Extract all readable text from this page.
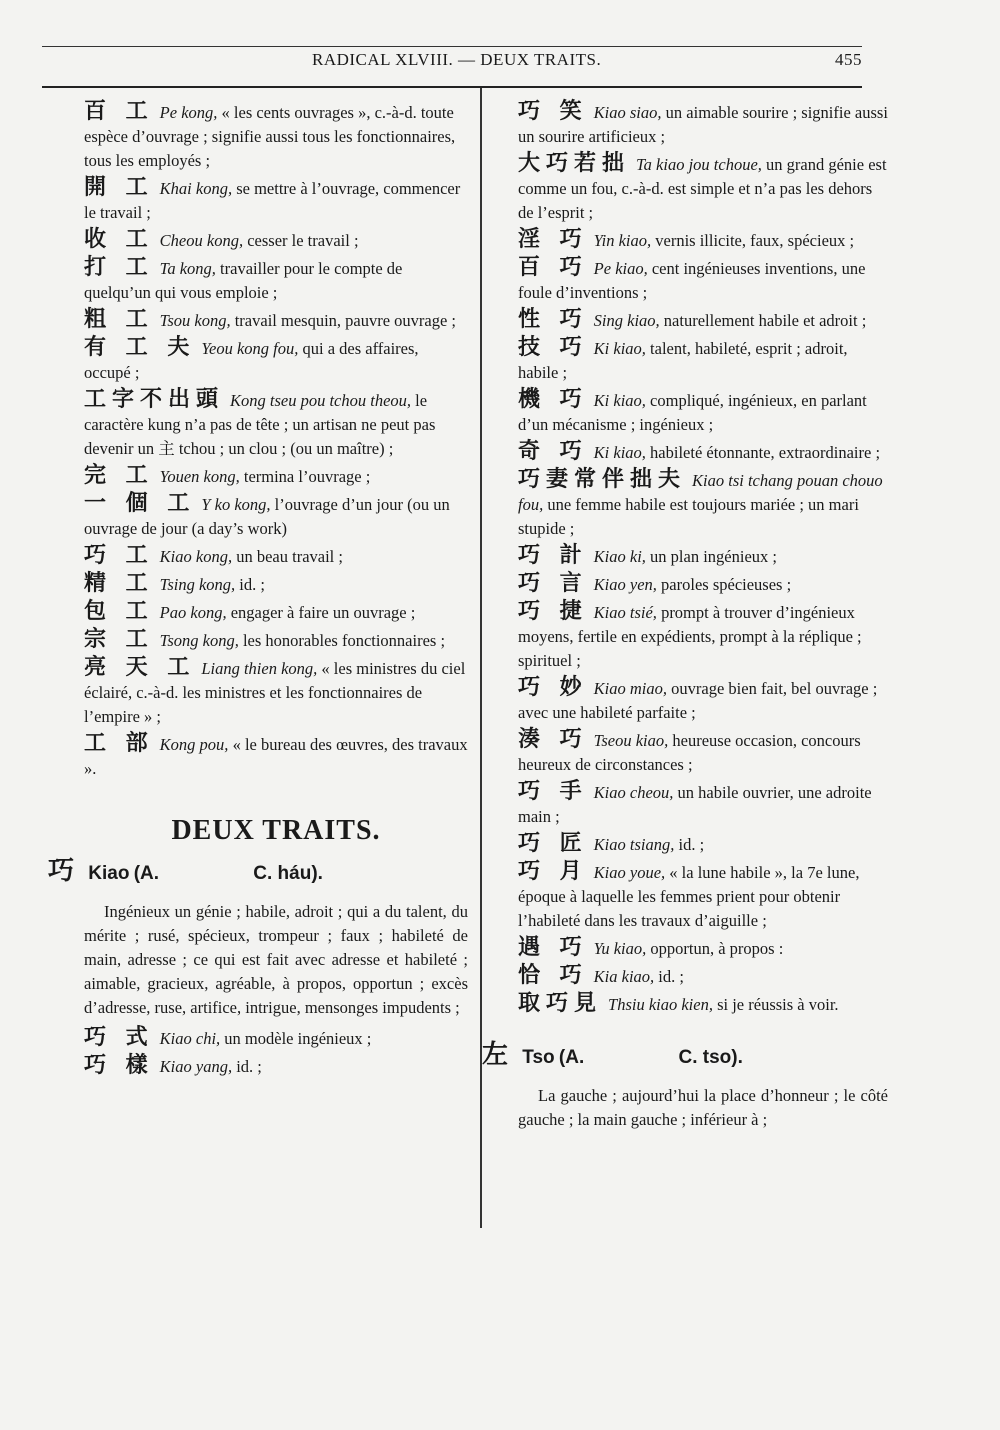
RADICAL XLVIII. — DEUX TRAITS.	455
百 工 Pe kong, « les cents ouvrages », c.-à-d. toute espèce d’ouvrage ; signifie aussi tous les fonctionnaires, tous les employés ;
開 工 Khai kong, se mettre à l’ouvrage, commencer le travail ;
收 工 Cheou kong, cesser le travail ;
打 工 Ta kong, travailler pour le compte de quelqu’un qui vous emploie ;
粗 工 Tsou kong, travail mesquin, pauvre ouvrage ;
有 工 夫 Yeou kong fou, qui a des affaires, occupé ;
工字不出頭 Kong tseu pou tchou theou, le caractère kung n’a pas de tête ; un artisan ne peut pas devenir un 主 tchou ; un clou ; (ou un maître) ;
完 工 Youen kong, termina l’ouvrage ;
一 個 工 Y ko kong, l’ouvrage d’un jour (ou un ouvrage de jour (a day’s work)
巧 工 Kiao kong, un beau travail ;
精 工 Tsing kong, id. ;
包 工 Pao kong, engager à faire un ouvrage ;
宗 工 Tsong kong, les honorables fonctionnaires ;
亮 天 工 Liang thien kong, « les ministres du ciel éclairé, c.-à-d. les ministres et les fonctionnaires de l’empire » ;
工 部 Kong pou, « le bureau des œuvres, des travaux ».
DEUX TRAITS.
巧 Kiao (A.	C. háu).

Ingénieux un génie ; habile, adroit ; qui a du talent, du mérite ; rusé, spécieux, trompeur ; faux ; habileté de main, adresse ; ce qui est fait avec adresse et habileté ; aimable, gracieux, agréable, à propos, opportun ; excès d’adresse, ruse, artifice, intrigue, mensonges impudents ;

巧 式 Kiao chi, un modèle ingénieux ;
巧 樣 Kiao yang, id. ;
巧 笑 Kiao siao, un aimable sourire ; signifie aussi un sourire artificieux ;
大巧若拙 Ta kiao jou tchoue, un grand génie est comme un fou, c.-à-d. est simple et n’a pas les dehors de l’esprit ;
淫 巧 Yin kiao, vernis illicite, faux, spécieux ;
百 巧 Pe kiao, cent ingénieuses inventions, une foule d’inventions ;
性 巧 Sing kiao, naturellement habile et adroit ;
技 巧 Ki kiao, talent, habileté, esprit ; adroit, habile ;
機 巧 Ki kiao, compliqué, ingénieux, en parlant d’un mécanisme ; ingénieux ;
奇 巧 Ki kiao, habileté étonnante, extraordinaire ;
巧妻常伴拙夫 Kiao tsi tchang pouan chouo fou, une femme habile est toujours mariée ; un mari stupide ;
巧 計 Kiao ki, un plan ingénieux ;
巧 言 Kiao yen, paroles spécieuses ;
巧 捷 Kiao tsié, prompt à trouver d’ingénieux moyens, fertile en expédients, prompt à la réplique ; spirituel ;
巧 妙 Kiao miao, ouvrage bien fait, bel ouvrage ; avec une habileté parfaite ;
湊 巧 Tseou kiao, heureuse occasion, concours heureux de circonstances ;
巧 手 Kiao cheou, un habile ouvrier, une adroite main ;
巧 匠 Kiao tsiang, id. ;
巧 月 Kiao youe, « la lune habile », la 7e lune, époque à laquelle les femmes prient pour obtenir l’habileté dans les travaux d’aiguille ;
遇 巧 Yu kiao, opportun, à propos :
恰 巧 Kia kiao, id. ;
取巧見 Thsiu kiao kien, si je réussis à voir.
左 Tso (A.	C. tso).

La gauche ; aujourd’hui la place d’honneur ; le côté gauche ; la main gauche ; inférieur à ;
